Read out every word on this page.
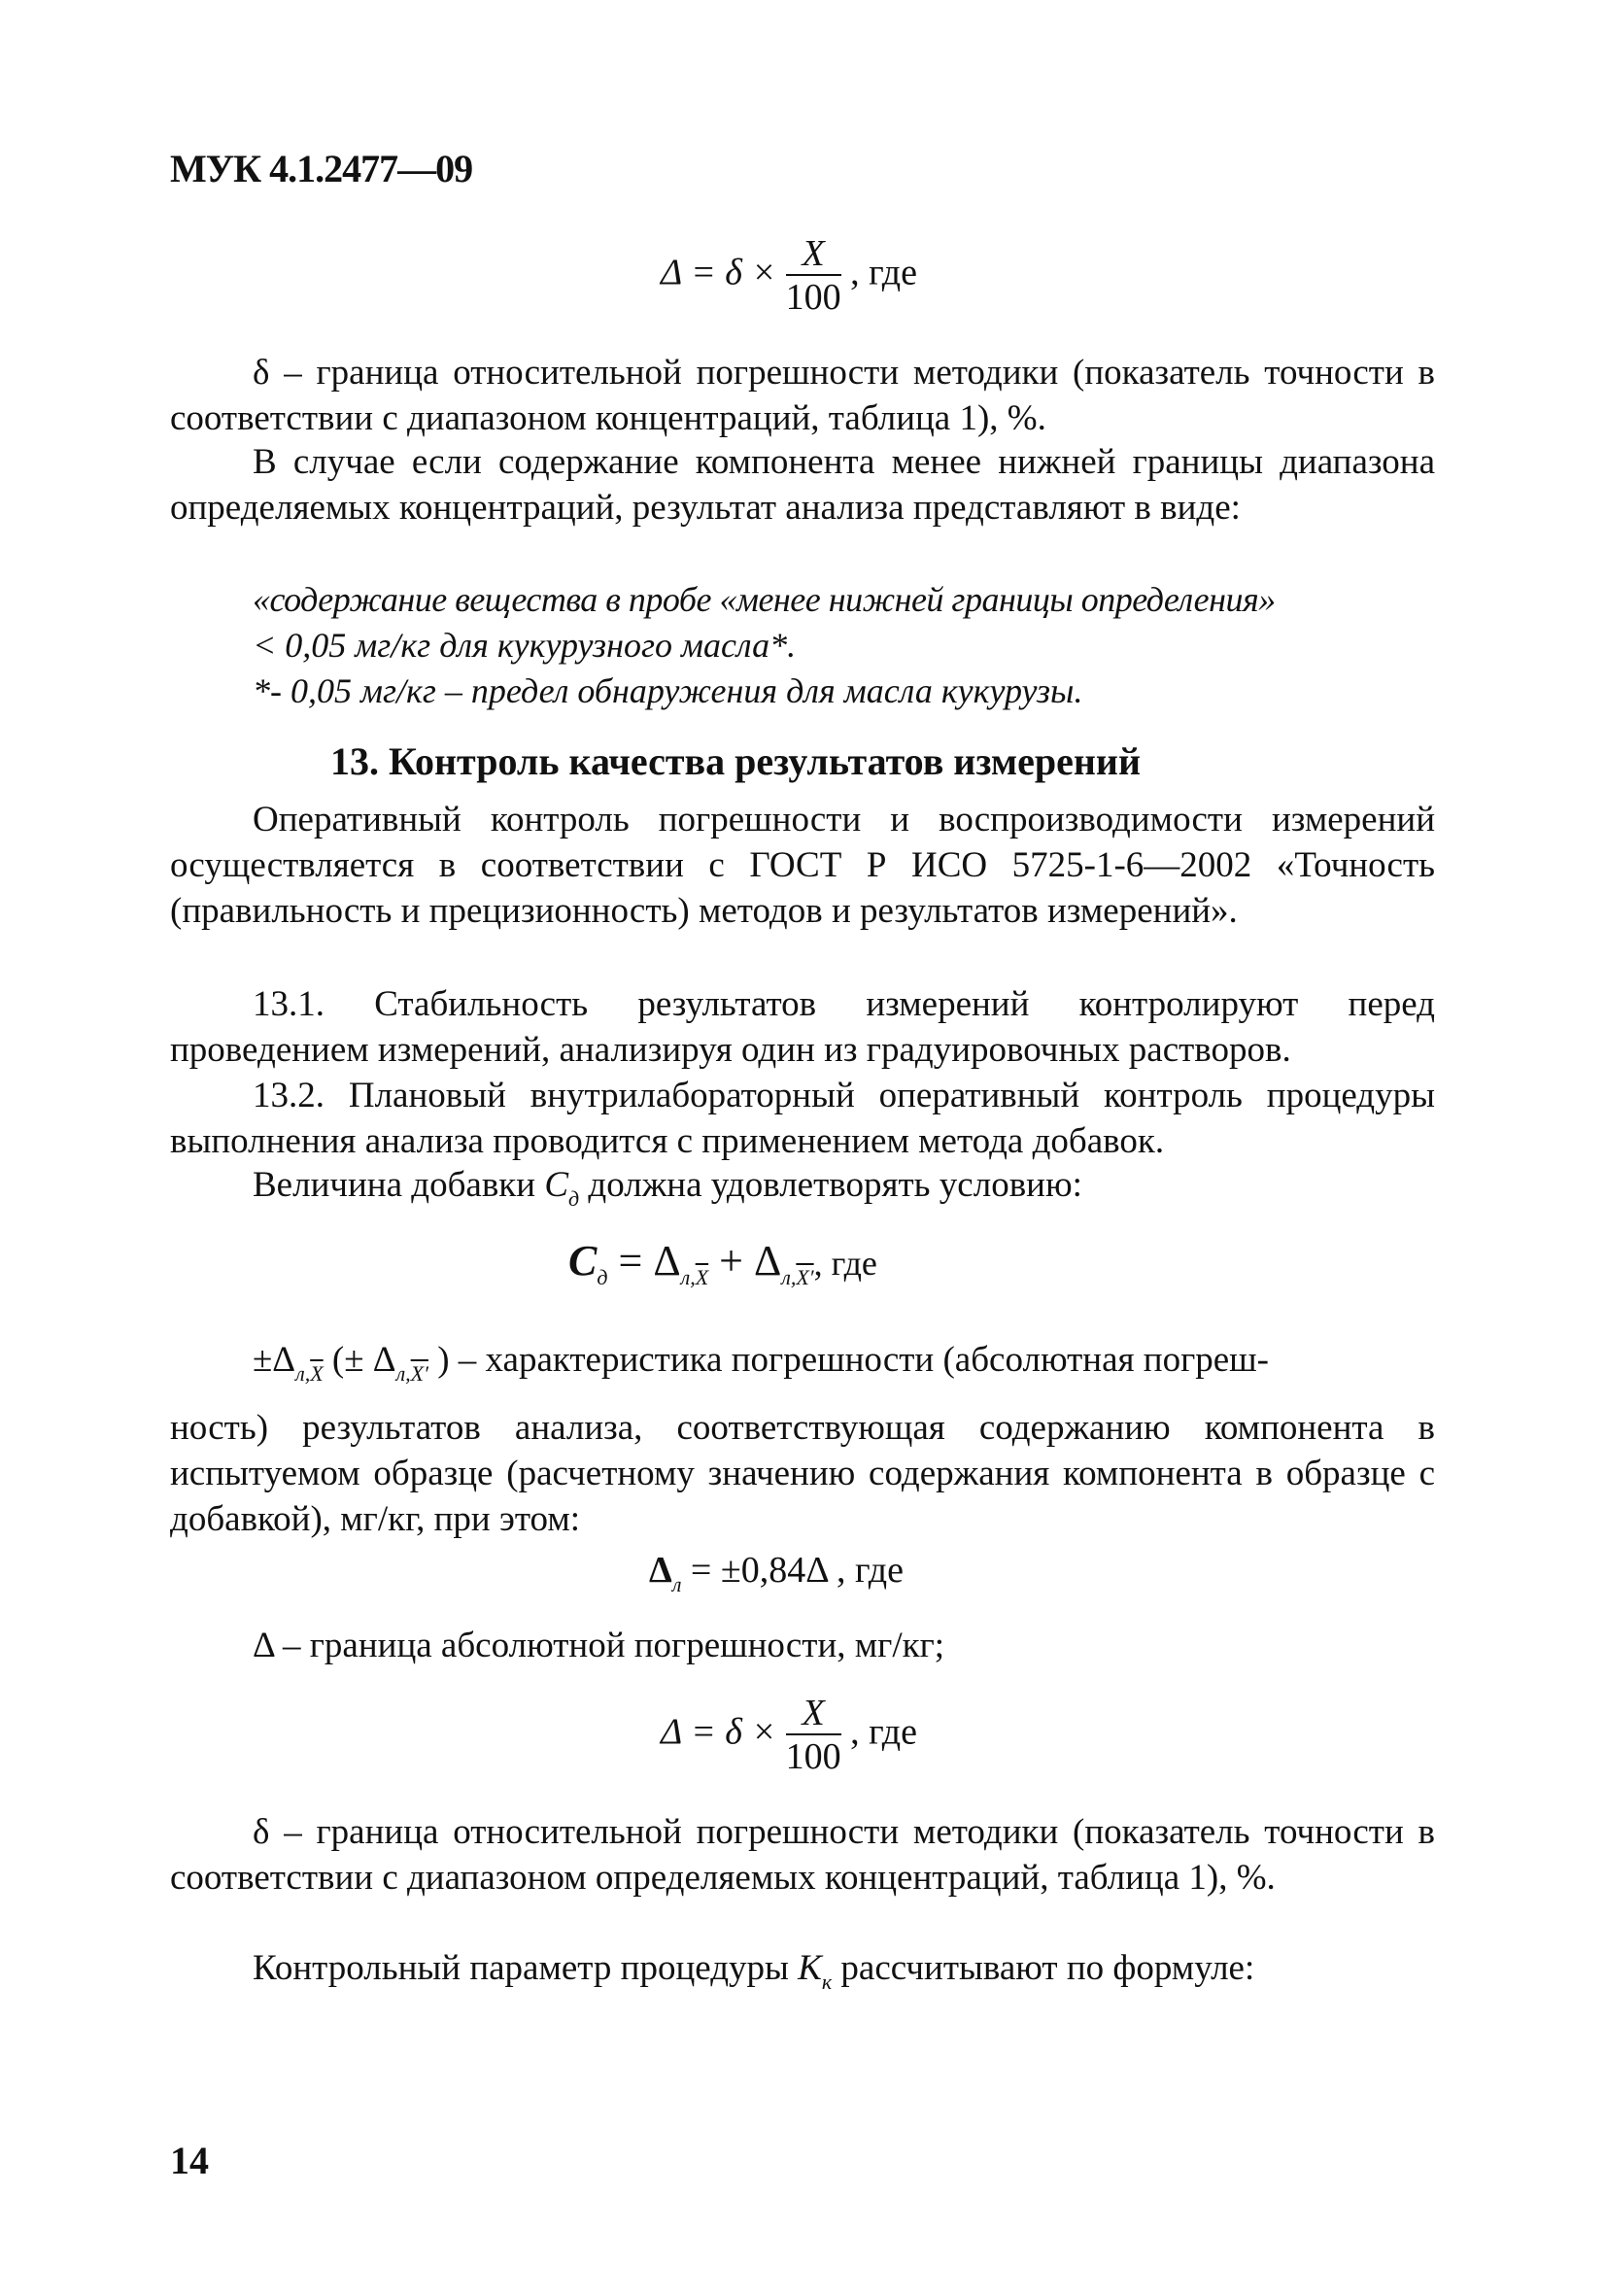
МУК 4.1.2477—09
$\Delta = \delta \times \frac{X}{100}$ , где

δ – граница относительной погрешности методики (показатель точности в соответствии с диапазоном концентраций, таблица 1), %.

В случае если содержание компонента менее нижней границы диапазона определяемых концентраций, результат анализа представляют в виде:

«содержание вещества в пробе «менее нижней границы определения»
< 0,05 мг/кг для кукурузного масла*.
*- 0,05 мг/кг – предел обнаружения для масла кукурузы.
13. Контроль качества результатов измерений

Оперативный контроль погрешности и воспроизводимости измерений осуществляется в соответствии с ГОСТ Р ИСО 5725-1-6—2002 «Точность (правильность и прецизионность) методов и результатов измерений».

13.1. Стабильность результатов измерений контролируют перед проведением измерений, анализируя один из градуировочных растворов.

13.2. Плановый внутрилабораторный оперативный контроль процедуры выполнения анализа проводится с применением метода добавок.

Величина добавки $C_д$ должна удовлетворять условию:
$C_д = \Delta_{л,\overline{X}} + \Delta_{л,X'}$, где
$\pm\Delta_{л,\overline{X}}$ (± $\Delta_{л,X'}$ ) – характеристика погрешности (абсолютная погреш-

ность) результатов анализа, соответствующая содержанию компонента в испытуемом образце (расчетному значению содержания компонента в образце с добавкой), мг/кг, при этом:

$\Delta_л = \pm 0,84\Delta$ , где
Δ – граница абсолютной погрешности, мг/кг;
$\Delta = \delta \times \frac{X}{100}$ , где

δ – граница относительной погрешности методики (показатель точности в соответствии с диапазоном определяемых концентраций, таблица 1), %.

Контрольный параметр процедуры $K_к$ рассчитывают по формуле:
14
